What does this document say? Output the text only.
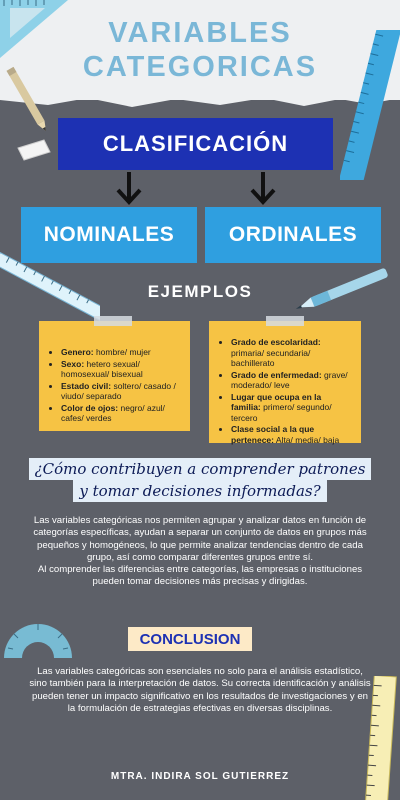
VARIABLES
CATEGORICAS
CLASIFICACIÓN
NOMINALES	ORDINALES
EJEMPLOS
• Genero: hombre/ mujer
• Sexo: hetero sexual/ homosexual/ bisexual
• Estado civil: soltero/ casado / viudo/ separado
• Color de ojos: negro/ azul/ cafes/ verdes
• Grado de escolaridad: primaria/ secundaria/ bachillerato
• Grado de enfermedad: grave/ moderado/ leve
• Lugar que ocupa en la familia: primero/ segundo/ tercero
• Clase social a la que pertenece: Alta/ media/ baja
¿Cómo contribuyen a comprender patrones
y tomar decisiones informadas?
Las variables categóricas nos permiten agrupar y analizar datos en función de categorías específicas, ayudan a separar un conjunto de datos en grupos más pequeños y homogéneos, lo que permite analizar tendencias dentro de cada grupo, así como comparar diferentes grupos entre sí.
Al comprender las diferencias entre categorías, las empresas o instituciones pueden tomar decisiones más precisas y dirigidas.
CONCLUSION
Las variables categóricas son esenciales no solo para el análisis estadístico, sino también para la interpretación de datos. Su correcta identificación y análisis pueden tener un impacto significativo en los resultados de investigaciones y en la formulación de estrategias efectivas en diversas disciplinas.
MTRA. INDIRA SOL GUTIERREZ
